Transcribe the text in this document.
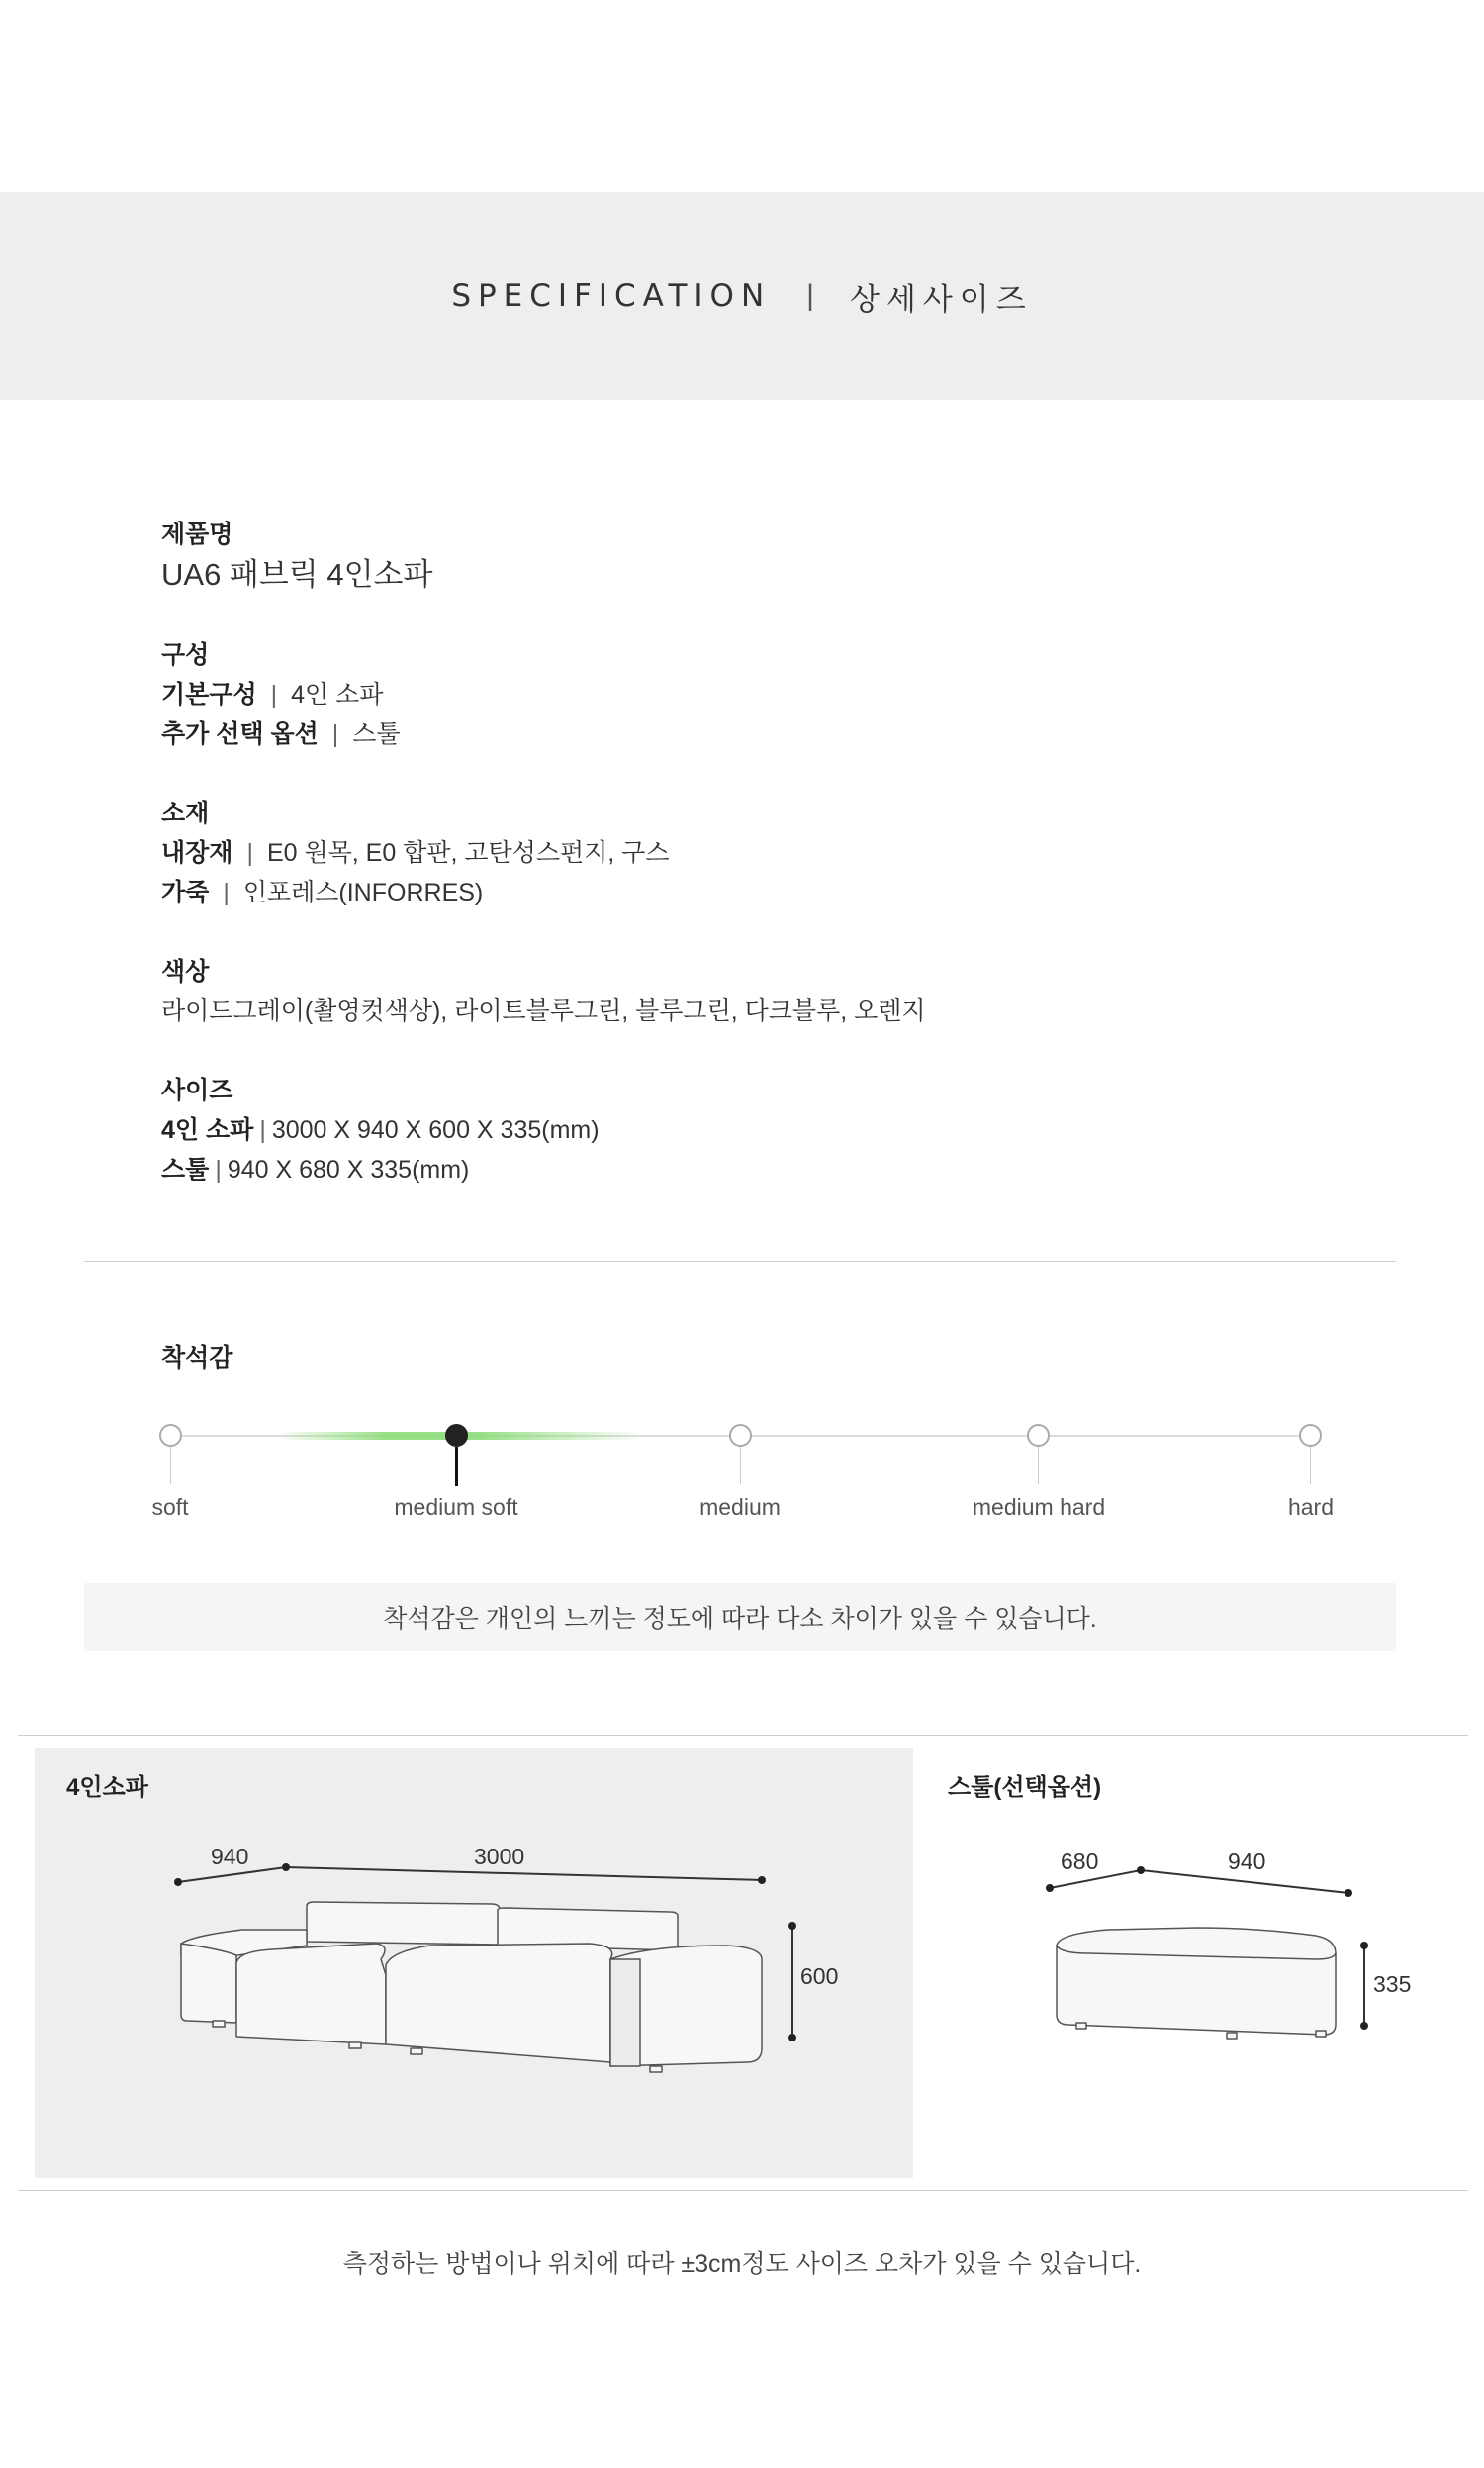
SPECIFICATION | 상세사이즈
제품명
UA6 패브릭 4인소파
구성
기본구성 | 4인 소파
추가 선택 옵션 | 스툴
소재
내장재 | E0 원목, E0 합판, 고탄성스펀지, 구스
가죽 | 인포레스(INFORRES)
색상
라이드그레이(촬영컷색상), 라이트블루그린, 블루그린, 다크블루, 오렌지
사이즈
4인 소파 | 3000 X 940 X 600 X 335(mm)
스툴 | 940 X 680 X 335(mm)
착석감
soft	medium soft	medium	medium hard	hard
착석감은 개인의 느끼는 정도에 따라 다소 차이가 있을 수 있습니다.
4인소파
940	3000
600
스툴(선택옵션)
680	940
335
측정하는 방법이나 위치에 따라 ±3cm정도 사이즈 오차가 있을 수 있습니다.
